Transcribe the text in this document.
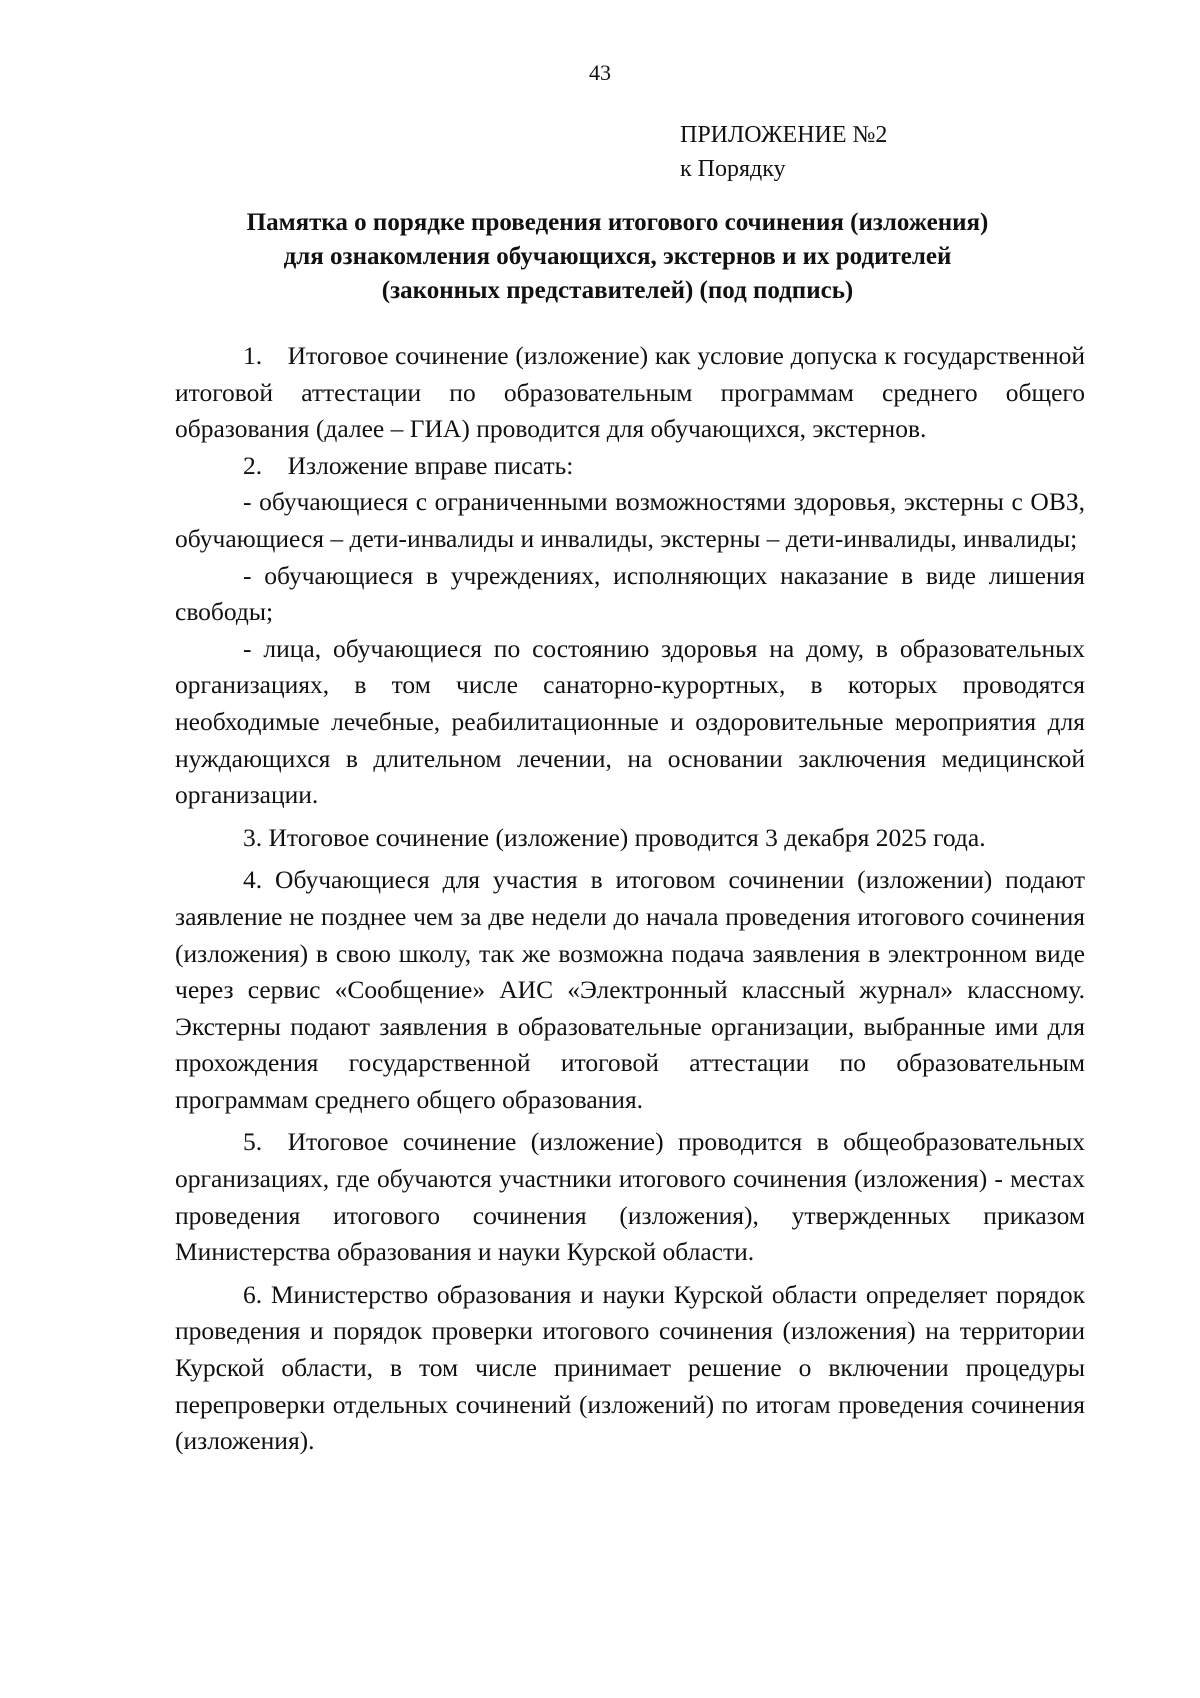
43
ПРИЛОЖЕНИЕ №2
к Порядку
Памятка о порядке проведения итогового сочинения (изложения)
для ознакомления обучающихся, экстернов и их родителей
(законных представителей) (под подпись)

1. Итоговое сочинение (изложение) как условие допуска к государственной итоговой аттестации по образовательным программам среднего общего образования (далее – ГИА) проводится для обучающихся, экстернов.

2. Изложение вправе писать:

- обучающиеся с ограниченными возможностями здоровья, экстерны с ОВЗ, обучающиеся – дети-инвалиды и инвалиды, экстерны – дети-инвалиды, инвалиды;

- обучающиеся в учреждениях, исполняющих наказание в виде лишения свободы;

- лица, обучающиеся по состоянию здоровья на дому, в образовательных организациях, в том числе санаторно-курортных, в которых проводятся необходимые лечебные, реабилитационные и оздоровительные мероприятия для нуждающихся в длительном лечении, на основании заключения медицинской организации.

3. Итоговое сочинение (изложение) проводится 3 декабря 2025 года.

4. Обучающиеся для участия в итоговом сочинении (изложении) подают заявление не позднее чем за две недели до начала проведения итогового сочинения (изложения) в свою школу, так же возможна подача заявления в электронном виде через сервис «Сообщение» АИС «Электронный классный журнал» классному. Экстерны подают заявления в образовательные организации, выбранные ими для прохождения государственной итоговой аттестации по образовательным программам среднего общего образования.

5. Итоговое сочинение (изложение) проводится в общеобразовательных организациях, где обучаются участники итогового сочинения (изложения) - местах проведения итогового сочинения (изложения), утвержденных приказом Министерства образования и науки Курской области.

6. Министерство образования и науки Курской области определяет порядок проведения и порядок проверки итогового сочинения (изложения) на территории Курской области, в том числе принимает решение о включении процедуры перепроверки отдельных сочинений (изложений) по итогам проведения сочинения (изложения).
